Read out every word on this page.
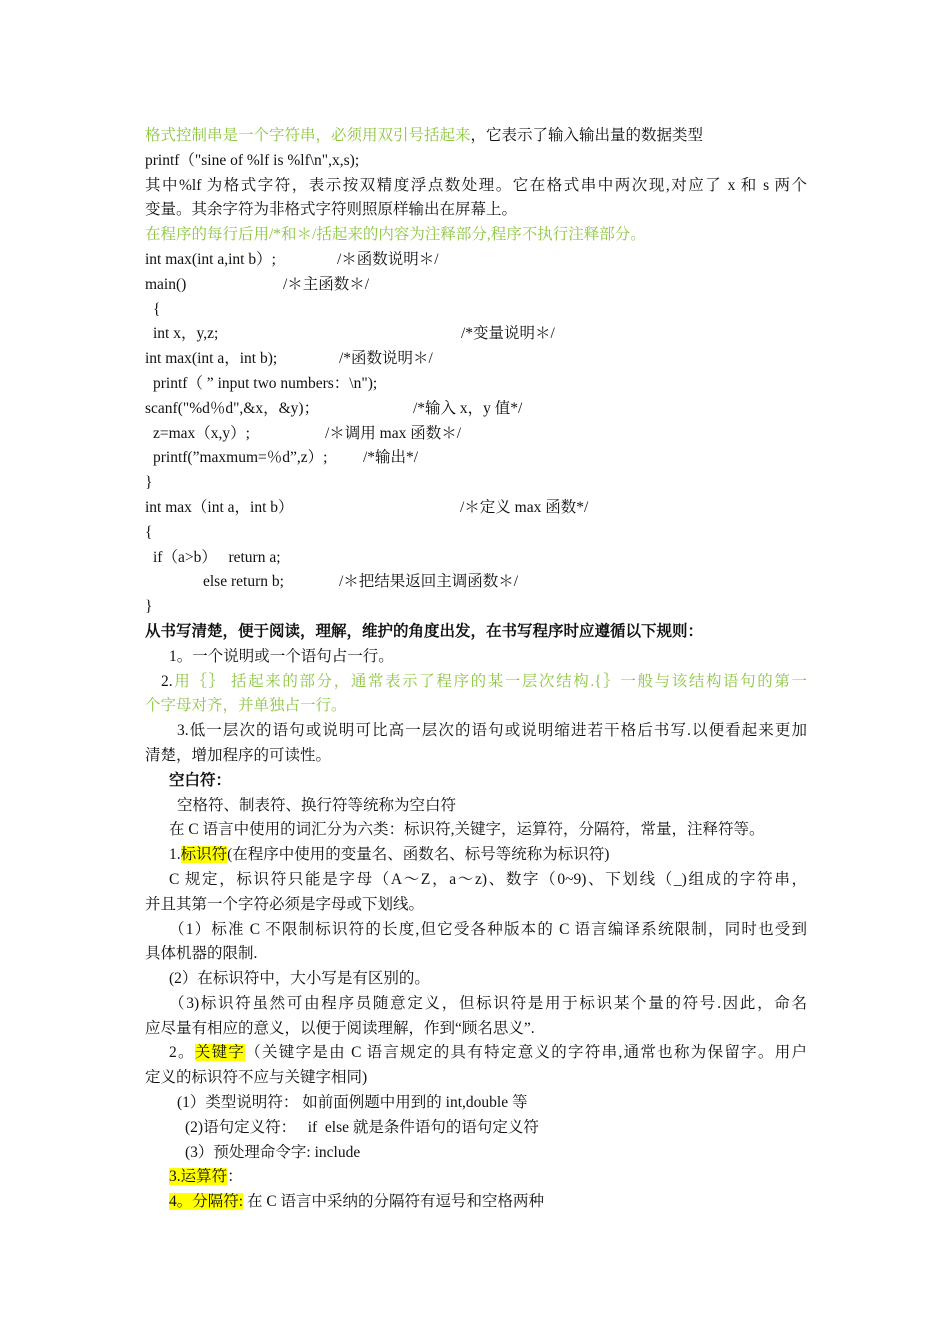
格式控制串是一个字符串，必须用双引号括起来，它表示了输入输出量的数据类型
printf（"sine of %lf is %lf\n",x,s);
其中%lf 为格式字符，表示按双精度浮点数处理。它在格式串中两次现,对应了 x 和 s 两个
变量。其余字符为非格式字符则照原样输出在屏幕上。
在程序的每行后用/*和＊/括起来的内容为注释部分,程序不执行注释部分。
int max(int a,int b）;	/＊函数说明＊/
main()	/＊主函数＊/
{
int x，y,z;	/*变量说明＊/
int max(int a，int b);	/*函数说明＊/
printf（ ” input two numbers：\n");
scanf("%d％d",&x，&y)；	/*输入 x，y 值*/
z=max（x,y）;	/＊调用 max 函数＊/
printf(”maxmum=％d”,z）; /*输出*/
}
int max（int a，int b）	/＊定义 max 函数*/
{
if（a>b）   return a;
else return b;	/＊把结果返回主调函数＊/
}
从书写清楚，便于阅读，理解，维护的角度出发，在书写程序时应遵循以下规则：
1。一个说明或一个语句占一行。
2.用｛｝ 括起来的部分，通常表示了程序的某一层次结构.{｝一般与该结构语句的第一
个字母对齐，并单独占一行。
3.低一层次的语句或说明可比高一层次的语句或说明缩进若干格后书写.以便看起来更加
清楚，增加程序的可读性。
空白符：
空格符、制表符、换行符等统称为空白符
在 C 语言中使用的词汇分为六类：标识符,关键字，运算符，分隔符，常量，注释符等。
1.标识符(在程序中使用的变量名、函数名、标号等统称为标识符)
C 规定，标识符只能是字母（A～Z，a～z)、数字（0~9)、下划线（_)组成的字符串，
并且其第一个字符必须是字母或下划线。
（1）标准 C 不限制标识符的长度,但它受各种版本的 C 语言编译系统限制，同时也受到
具体机器的限制.
(2）在标识符中，大小写是有区别的。
（3)标识符虽然可由程序员随意定义，但标识符是用于标识某个量的符号.因此，命名
应尽量有相应的意义，以便于阅读理解，作到“顾名思义”.
2。关键字（关键字是由 C 语言规定的具有特定意义的字符串,通常也称为保留字。用户
定义的标识符不应与关键字相同)
(1）类型说明符： 如前面例题中用到的 int,double 等
(2)语句定义符：   if  else 就是条件语句的语句定义符
(3）预处理命令字: include
3.运算符：
4。分隔符: 在 C 语言中采纳的分隔符有逗号和空格两种
